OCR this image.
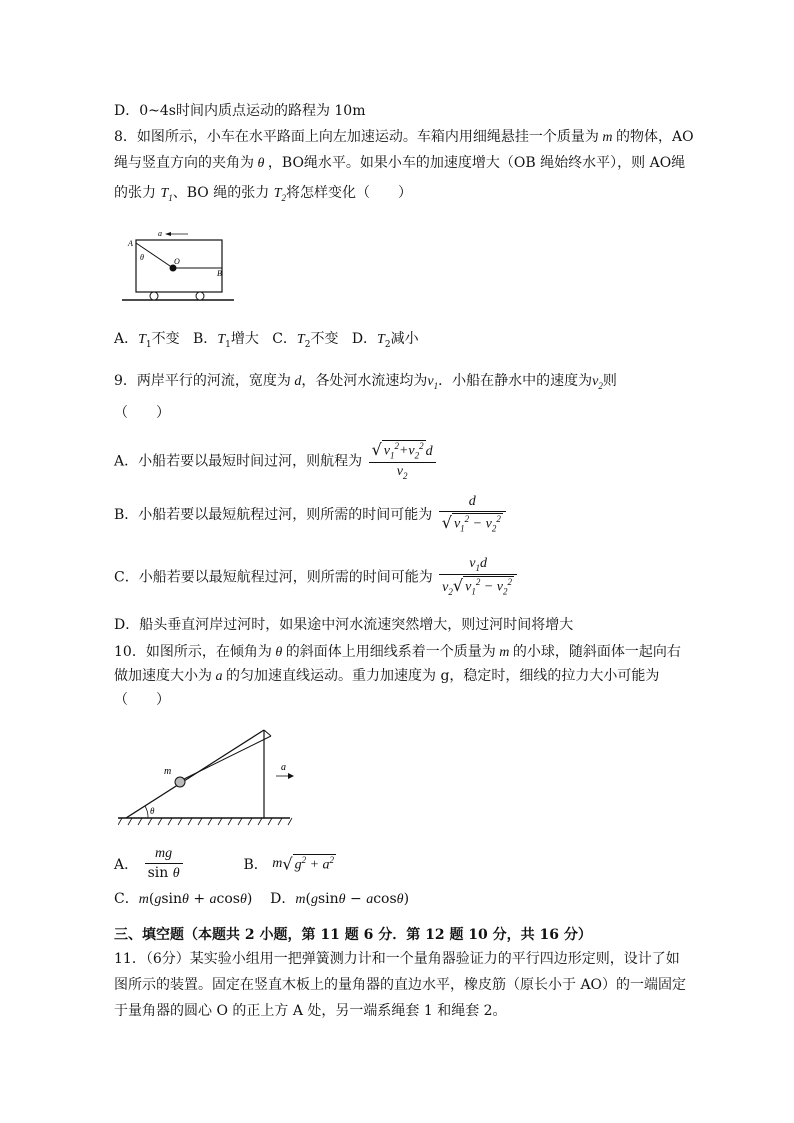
D．0~4s时间内质点运动的路程为 10m
8．如图所示，小车在水平路面上向左加速运动。车箱内用细绳悬挂一个质量为 m 的物体，AO
绳与竖直方向的夹角为 θ ，BO绳水平。如果小车的加速度增大（OB 绳始终水平），则 AO绳
的张力 $T_1$、BO 绳的张力 $T_2$将怎样变化（　　）
a
A
θ	O
B
A．$T_1$不变 B．$T_1$增大 C．$T_2$不变 D．$T_2$减小
9．两岸平行的河流，宽度为 d，各处河水流速均为$v_1$．小船在静水中的速度为$v_2$则
（　　）
A．小船若要以最短时间过河，则航程为 $\frac{√ v_1^2+v_2^2 d}{v_2}$
B．小船若要以最短航程过河，则所需的时间可能为 $\frac{d}{√ v_1^2 - v_2^2}$
C．小船若要以最短航程过河，则所需的时间可能为 $\frac{v_1d}{v_2√ v_1^2 - v_2^2}$
D．船头垂直河岸过河时，如果途中河水流速突然增大，则过河时间将增大
10．如图所示，在倾角为 θ 的斜面体上用细线系着一个质量为 m 的小球，随斜面体一起向右
做加速度大小为 a 的匀加速直线运动。重力加速度为 g，稳定时，细线的拉力大小可能为
（　　）
θ
m	a
A． $\frac{mg}{\text{sin θ}}$	B． m√ $g^2 + a^2$
C．m(gsinθ + acosθ)    D．m(gsinθ − acosθ)
三、填空题（本题共 2 小题，第 11 题 6 分．第 12 题 10 分，共 16 分）
11．（6分）某实验小组用一把弹簧测力计和一个量角器验证力的平行四边形定则，设计了如
图所示的装置。固定在竖直木板上的量角器的直边水平，橡皮筋（原长小于 AO）的一端固定
于量角器的圆心 O 的正上方 A 处，另一端系绳套 1 和绳套 2。
